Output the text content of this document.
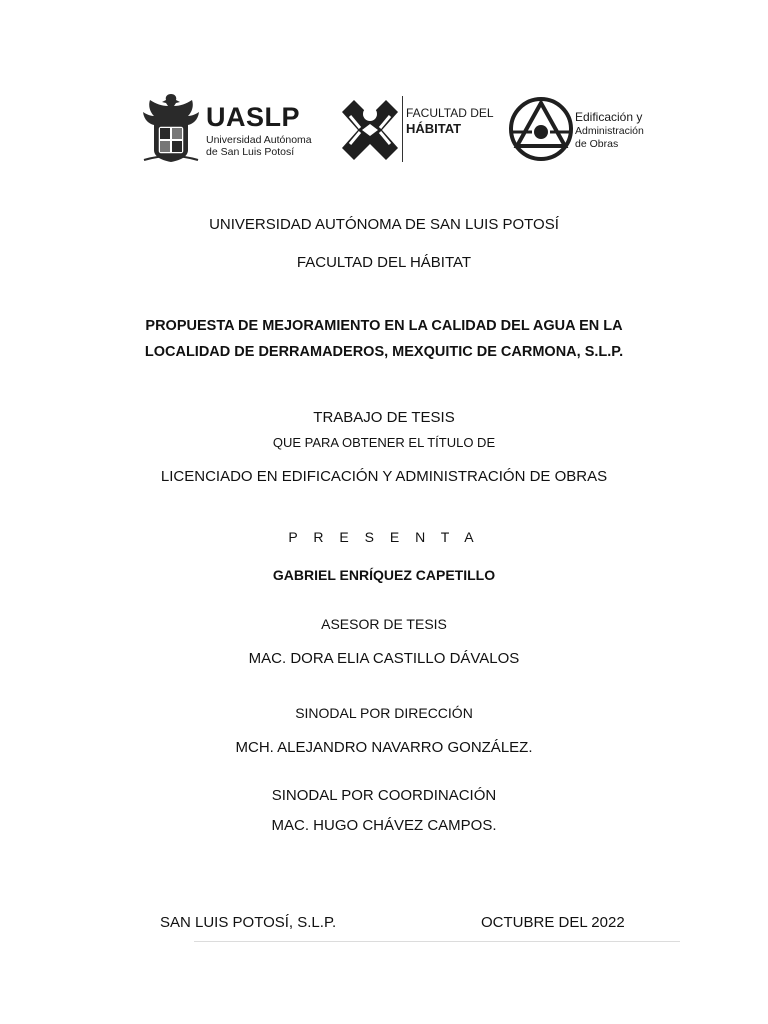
UASLP
Universidad Autónoma
de San Luis Potosí
FACULTAD DEL
HÁBITAT
Edificación y
Administración
de Obras
UNIVERSIDAD AUTÓNOMA DE SAN LUIS POTOSÍ
FACULTAD DEL HÁBITAT
PROPUESTA DE MEJORAMIENTO EN LA CALIDAD DEL AGUA EN LA
LOCALIDAD DE DERRAMADEROS, MEXQUITIC DE CARMONA, S.L.P.
TRABAJO DE TESIS
QUE PARA OBTENER EL TÍTULO DE
LICENCIADO EN EDIFICACIÓN Y ADMINISTRACIÓN DE OBRAS
P R E S E N T A
GABRIEL ENRÍQUEZ CAPETILLO
ASESOR DE TESIS
MAC. DORA ELIA CASTILLO DÁVALOS
SINODAL POR DIRECCIÓN
MCH. ALEJANDRO NAVARRO GONZÁLEZ.
SINODAL POR COORDINACIÓN
MAC. HUGO CHÁVEZ CAMPOS.
SAN LUIS POTOSÍ, S.L.P.	OCTUBRE DEL 2022
